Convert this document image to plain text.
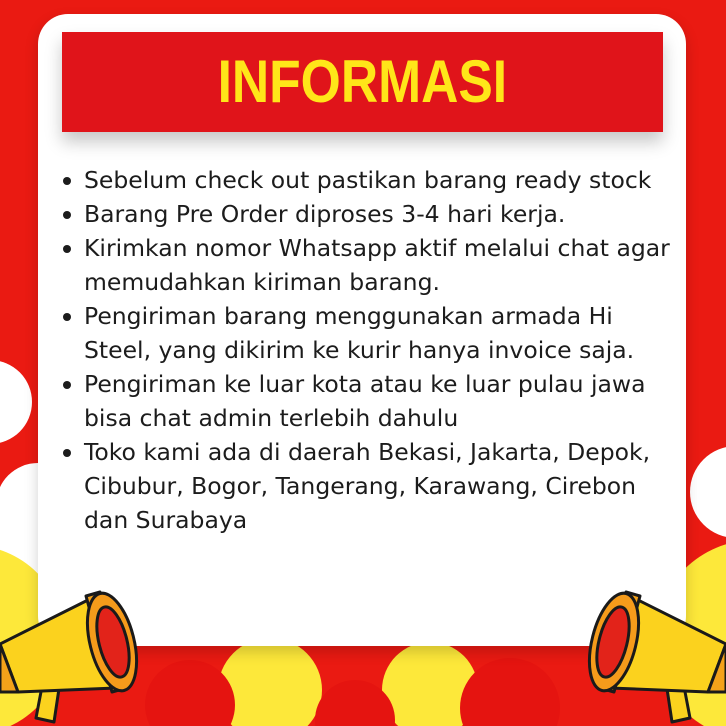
INFORMASI
Sebelum check out pastikan barang ready stock
Barang Pre Order diproses 3-4 hari kerja.
Kirimkan nomor Whatsapp aktif melalui chat agar memudahkan kiriman barang.
Pengiriman barang menggunakan armada Hi Steel, yang dikirim ke kurir hanya invoice saja.
Pengiriman ke luar kota atau ke luar pulau jawa bisa chat admin terlebih dahulu
Toko kami ada di daerah Bekasi, Jakarta, Depok, Cibubur, Bogor, Tangerang, Karawang, Cirebon dan Surabaya
